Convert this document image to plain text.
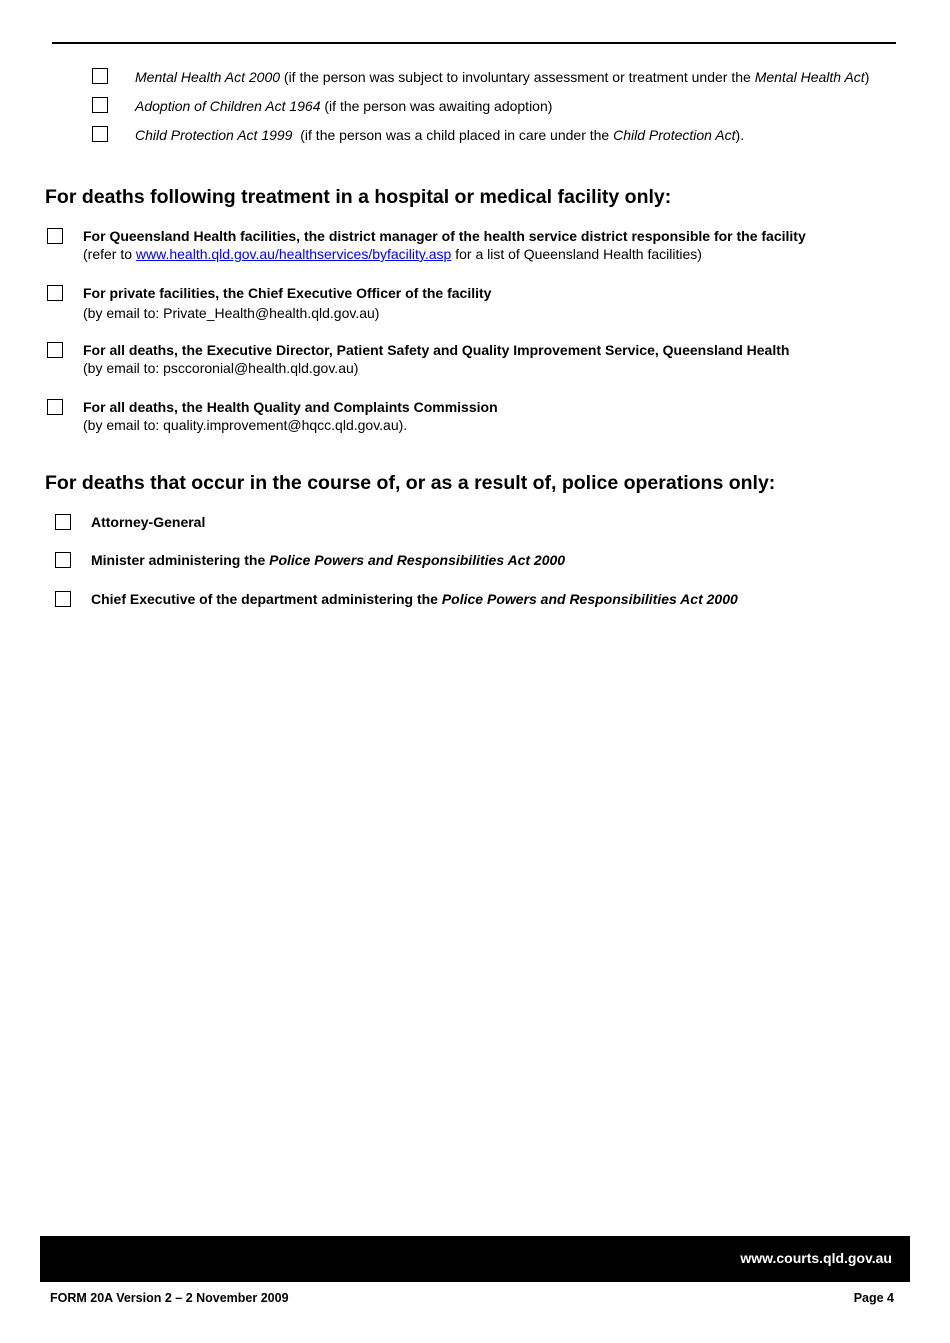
Mental Health Act 2000 (if the person was subject to involuntary assessment or treatment under the Mental Health Act)
Adoption of Children Act 1964 (if the person was awaiting adoption)
Child Protection Act 1999  (if the person was a child placed in care under the Child Protection Act).
For deaths following treatment in a hospital or medical facility only:
For Queensland Health facilities, the district manager of the health service district responsible for the facility
(refer to www.health.qld.gov.au/healthservices/byfacility.asp for a list of Queensland Health facilities)
For private facilities, the Chief Executive Officer of the facility
(by email to: Private_Health@health.qld.gov.au)
For all deaths, the Executive Director, Patient Safety and Quality Improvement Service, Queensland Health
(by email to: psccoronial@health.qld.gov.au)
For all deaths, the Health Quality and Complaints Commission
(by email to: quality.improvement@hqcc.qld.gov.au).
For deaths that occur in the course of, or as a result of, police operations only:
Attorney-General
Minister administering the Police Powers and Responsibilities Act 2000
Chief Executive of the department administering the Police Powers and Responsibilities Act 2000
www.courts.qld.gov.au
FORM 20A Version 2 – 2 November 2009	Page 4
